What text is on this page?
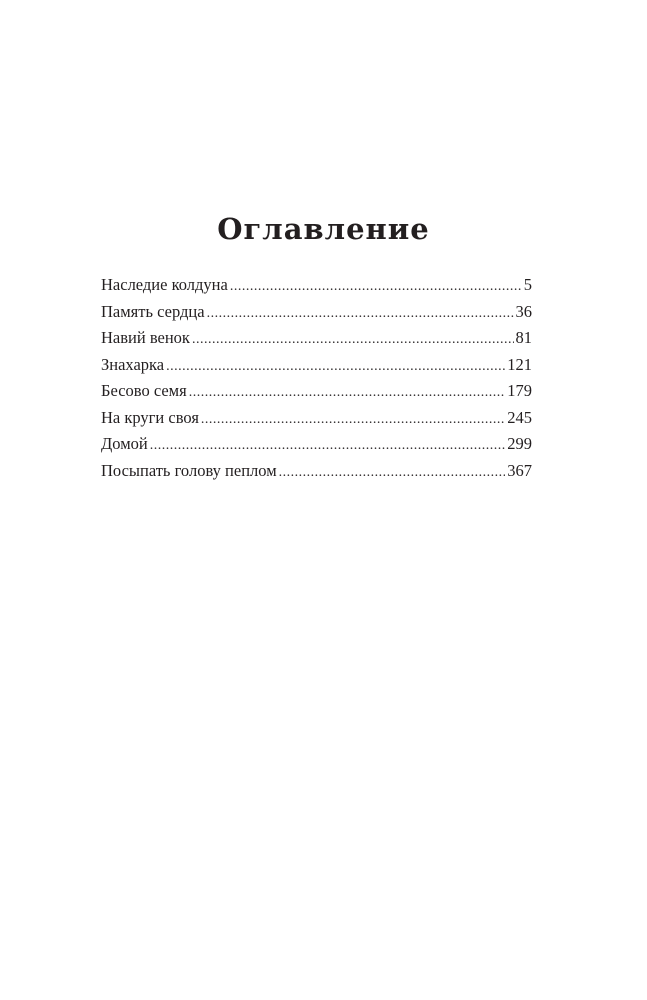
Оглавление
Наследие колдуна .....	5
Память сердца .....	36
Навий венок .....	81
Знахарка .....	121
Бесово семя .....	179
На круги своя .....	245
Домой .....	299
Посыпать голову пеплом .....	367
